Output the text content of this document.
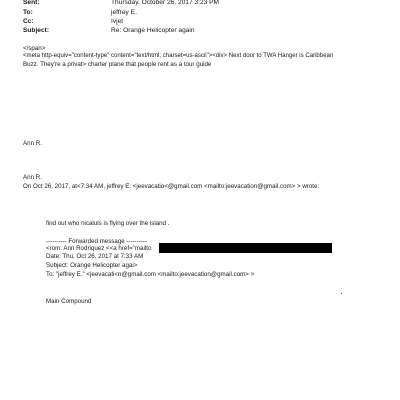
Sent:	Thursday, October 26, 2017 3:23 PM
To:	jeffrey E.
Cc:	Ivjet
Subject:	Re: Orange Helicopter again
</span>
<meta http-equiv="content-type" content="text/html; charset=us-ascii"><div> Next door to TWA Hanger is Caribbean
Buzz. They're a privat> charter plane that people rent as a tour guide
Ann R.
Ann R.
On Oct 26, 2017, at<7:34 AM, jeffrey E. <jeevacatio<@gmail.com <mailto:jeevacation@gmail.com> > wrote:
find out who nicaluls is flying over the island .
---------- Forwarded message ----------
<rom: Ann Rodriquez <<a href="mailto
Date: Thu, Oct 26, 2017 at 7:33 AM
Subject: Orange Helicopter agai>
To: "jeffrey E." <jeevacati<n@gmail.com <mailto:jeevacation@gmail.com> >
Main Compound
